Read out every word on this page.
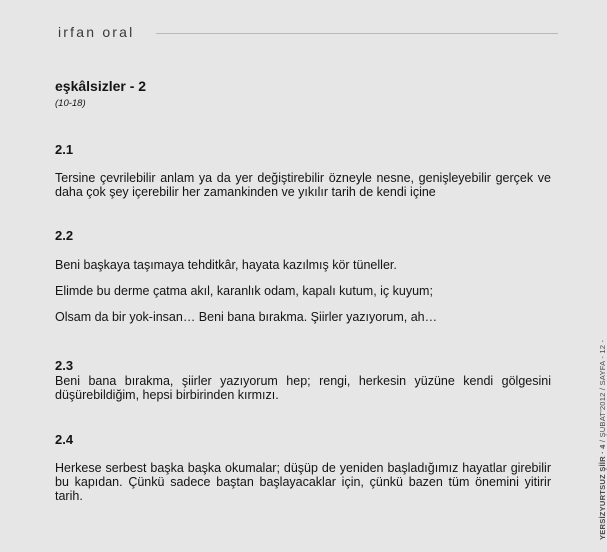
irfan oral
eşkâlsizler - 2

(10-18)

2.1

Tersine çevrilebilir anlam ya da yer değiştirebilir özneyle nesne, genişleyebilir gerçek ve daha çok şey içerebilir her zamankinden ve yıkılır tarih de kendi içine

2.2

Beni başkaya taşımaya tehditkâr, hayata kazılmış kör tüneller.

Elimde bu derme çatma akıl, karanlık odam, kapalı kutum, iç kuyum;

Olsam da bir yok-insan… Beni bana bırakma. Şiirler yazıyorum, ah…

2.3

Beni bana bırakma, şiirler yazıyorum hep; rengi, herkesin yüzüne kendi gölgesini düşürebildiğim, hepsi birbirinden kırmızı.

2.4

Herkese serbest başka başka okumalar; düşüp de yeniden başladığımız hayatlar girebilir bu kapıdan. Çünkü sadece baştan başlayacaklar için, çünkü bazen tüm önemini yitirir tarih.	YERSİZYURTSUZ ŞİİR · 4 / ŞUBAT'2012 / SAYFA - 12 -
